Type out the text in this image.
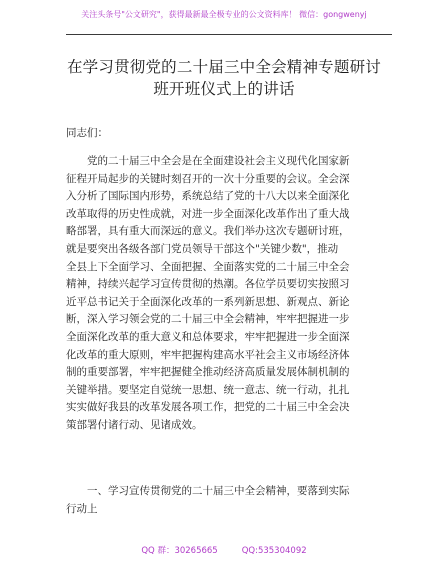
关注头条号"公文研究"，获得最新最全极专业的公文资料库！ 微信：gongwenyj
在学习贯彻党的二十届三中全会精神专题研讨
班开班仪式上的讲话
同志们：
党的二十届三中全会是在全面建设社会主义现代化国家新
征程开局起步的关键时刻召开的一次十分重要的会议。全会深
入分析了国际国内形势，系统总结了党的十八大以来全面深化
改革取得的历史性成就，对进一步全面深化改革作出了重大战
略部署，具有重大而深远的意义。我们举办这次专题研讨班，
就是要突出各级各部门党员领导干部这个"关键少数"，推动
全县上下全面学习、全面把握、全面落实党的二十届三中全会
精神，持续兴起学习宣传贯彻的热潮。各位学员要切实按照习
近平总书记关于全面深化改革的一系列新思想、新观点、新论
断，深入学习领会党的二十届三中全会精神，牢牢把握进一步
全面深化改革的重大意义和总体要求，牢牢把握进一步全面深
化改革的重大原则，牢牢把握构建高水平社会主义市场经济体
制的重要部署，牢牢把握健全推动经济高质量发展体制机制的
关键举措。要坚定自觉统一思想、统一意志、统一行动，扎扎
实实做好我县的改革发展各项工作，把党的二十届三中全会决
策部署付诸行动、见诸成效。
一、学习宣传贯彻党的二十届三中全会精神，要落到实际
行动上
QQ 群：30265665	QQ:535304092
